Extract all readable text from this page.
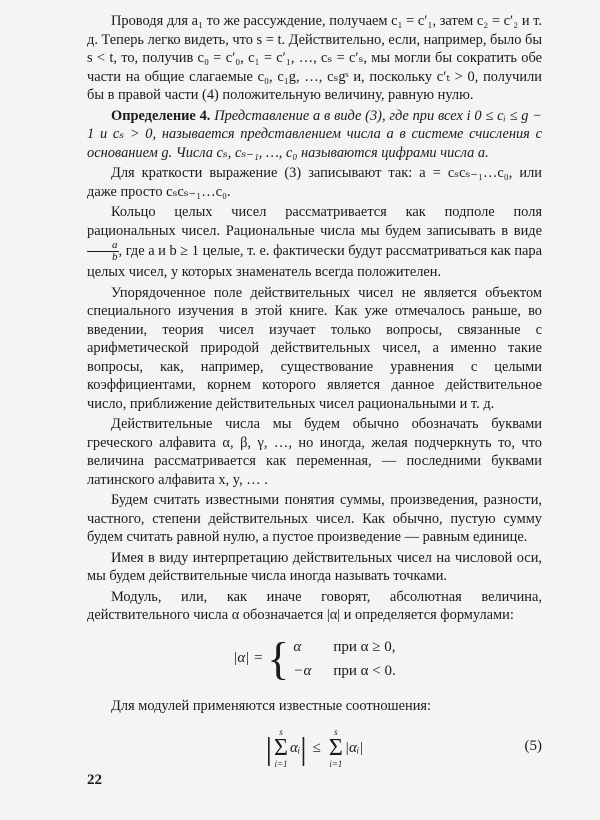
Проводя для a₁ то же рассуждение, получаем c₁ = c′₁, затем c₂ = c′₂ и т. д. Теперь легко видеть, что s = t. Действительно, если, например, было бы s < t, то, получив c₀ = c′₀, c₁ = c′₁, …, cₛ = c′ₛ, мы могли бы сократить обе части на общие слагаемые c₀, c₁g, …, cₛgˢ и, поскольку c′ₜ > 0, получили бы в правой части (4) положительную величину, равную нулю.

Определение 4. Представление a в виде (3), где при всех i 0 ≤ cᵢ ≤ g − 1 и cₛ > 0, называется представлением числа a в системе счисления с основанием g. Числа cₛ, cₛ₋₁, …, c₀ называются цифрами числа a.

Для краткости выражение (3) записывают так: a = cₛcₛ₋₁…c₀, или даже просто cₛcₛ₋₁…c₀.

Кольцо целых чисел рассматривается как подполе поля рациональных чисел. Рациональные числа мы будем записывать в виде
$\frac{a}{b}$ , где a и b ≥ 1 целые, т. е. фактически будут рассматриваться как пара целых чисел, у которых знаменатель всегда положителен.

Упорядоченное поле действительных чисел не является объектом специального изучения в этой книге. Как уже отмечалось раньше, во введении, теория чисел изучает только вопросы, связанные с арифметической природой действительных чисел, а именно такие вопросы, как, например, существование уравнения с целыми коэффициентами, корнем которого является данное действительное число, приближение действительных чисел рациональными и т. д.

Действительные числа мы будем обычно обозначать буквами греческого алфавита α, β, γ, …, но иногда, желая подчеркнуть то, что величина рассматривается как переменная, — последними буквами латинского алфавита x, y, … .

Будем считать известными понятия суммы, произведения, разности, частного, степени действительных чисел. Как обычно, пустую сумму будем считать равной нулю, а пустое произведение — равным единице.

Имея в виду интерпретацию действительных чисел на числовой оси, мы будем действительные числа иногда называть точками.

Модуль, или, как иначе говорят, абсолютная величина, действительного числа α обозначается |α| и определяется формулами:

|α| = { α	при α ≥ 0,
−α при α < 0.

Для модулей применяются известные соотношения:

| s
Σ
i=1
αᵢ | ≤
s
Σ
i=1
|αᵢ|	(5)
22
